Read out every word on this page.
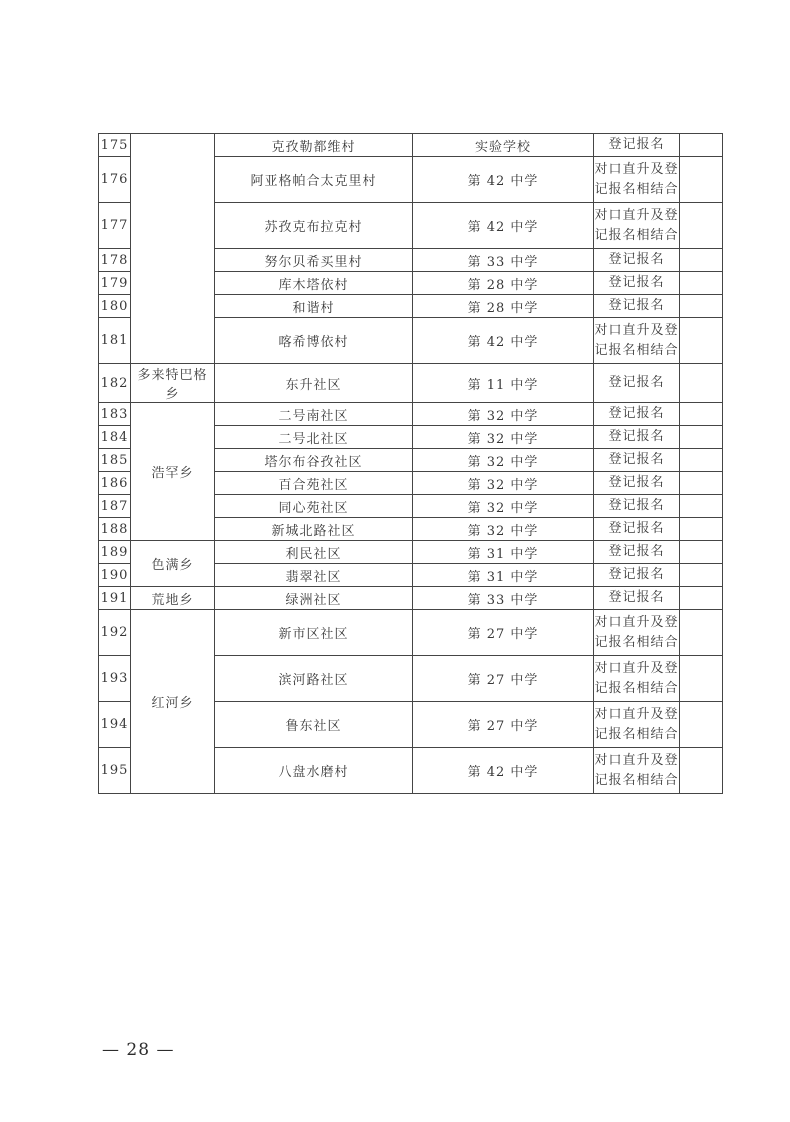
175		克孜勒都维村	实验学校	登记报名	
176		阿亚格帕合太克里村	第 42 中学	对口直升及登记报名相结合	
177		苏孜克布拉克村	第 42 中学	对口直升及登记报名相结合	
178		努尔贝希买里村	第 33 中学	登记报名	
179		库木塔依村	第 28 中学	登记报名	
180		和谐村	第 28 中学	登记报名	
181		喀希博依村	第 42 中学	对口直升及登记报名相结合	
182	多来特巴格乡	东升社区	第 11 中学	登记报名	
183	浩罕乡	二号南社区	第 32 中学	登记报名	
184		二号北社区	第 32 中学	登记报名	
185		塔尔布谷孜社区	第 32 中学	登记报名	
186		百合苑社区	第 32 中学	登记报名	
187		同心苑社区	第 32 中学	登记报名	
188		新城北路社区	第 32 中学	登记报名	
189	色满乡	利民社区	第 31 中学	登记报名	
190		翡翠社区	第 31 中学	登记报名	
191	荒地乡	绿洲社区	第 33 中学	登记报名	
192	红河乡	新市区社区	第 27 中学	对口直升及登记报名相结合	
193		滨河路社区	第 27 中学	对口直升及登记报名相结合	
194		鲁东社区	第 27 中学	对口直升及登记报名相结合	
195		八盘水磨村	第 42 中学	对口直升及登记报名相结合	
— 28 —
